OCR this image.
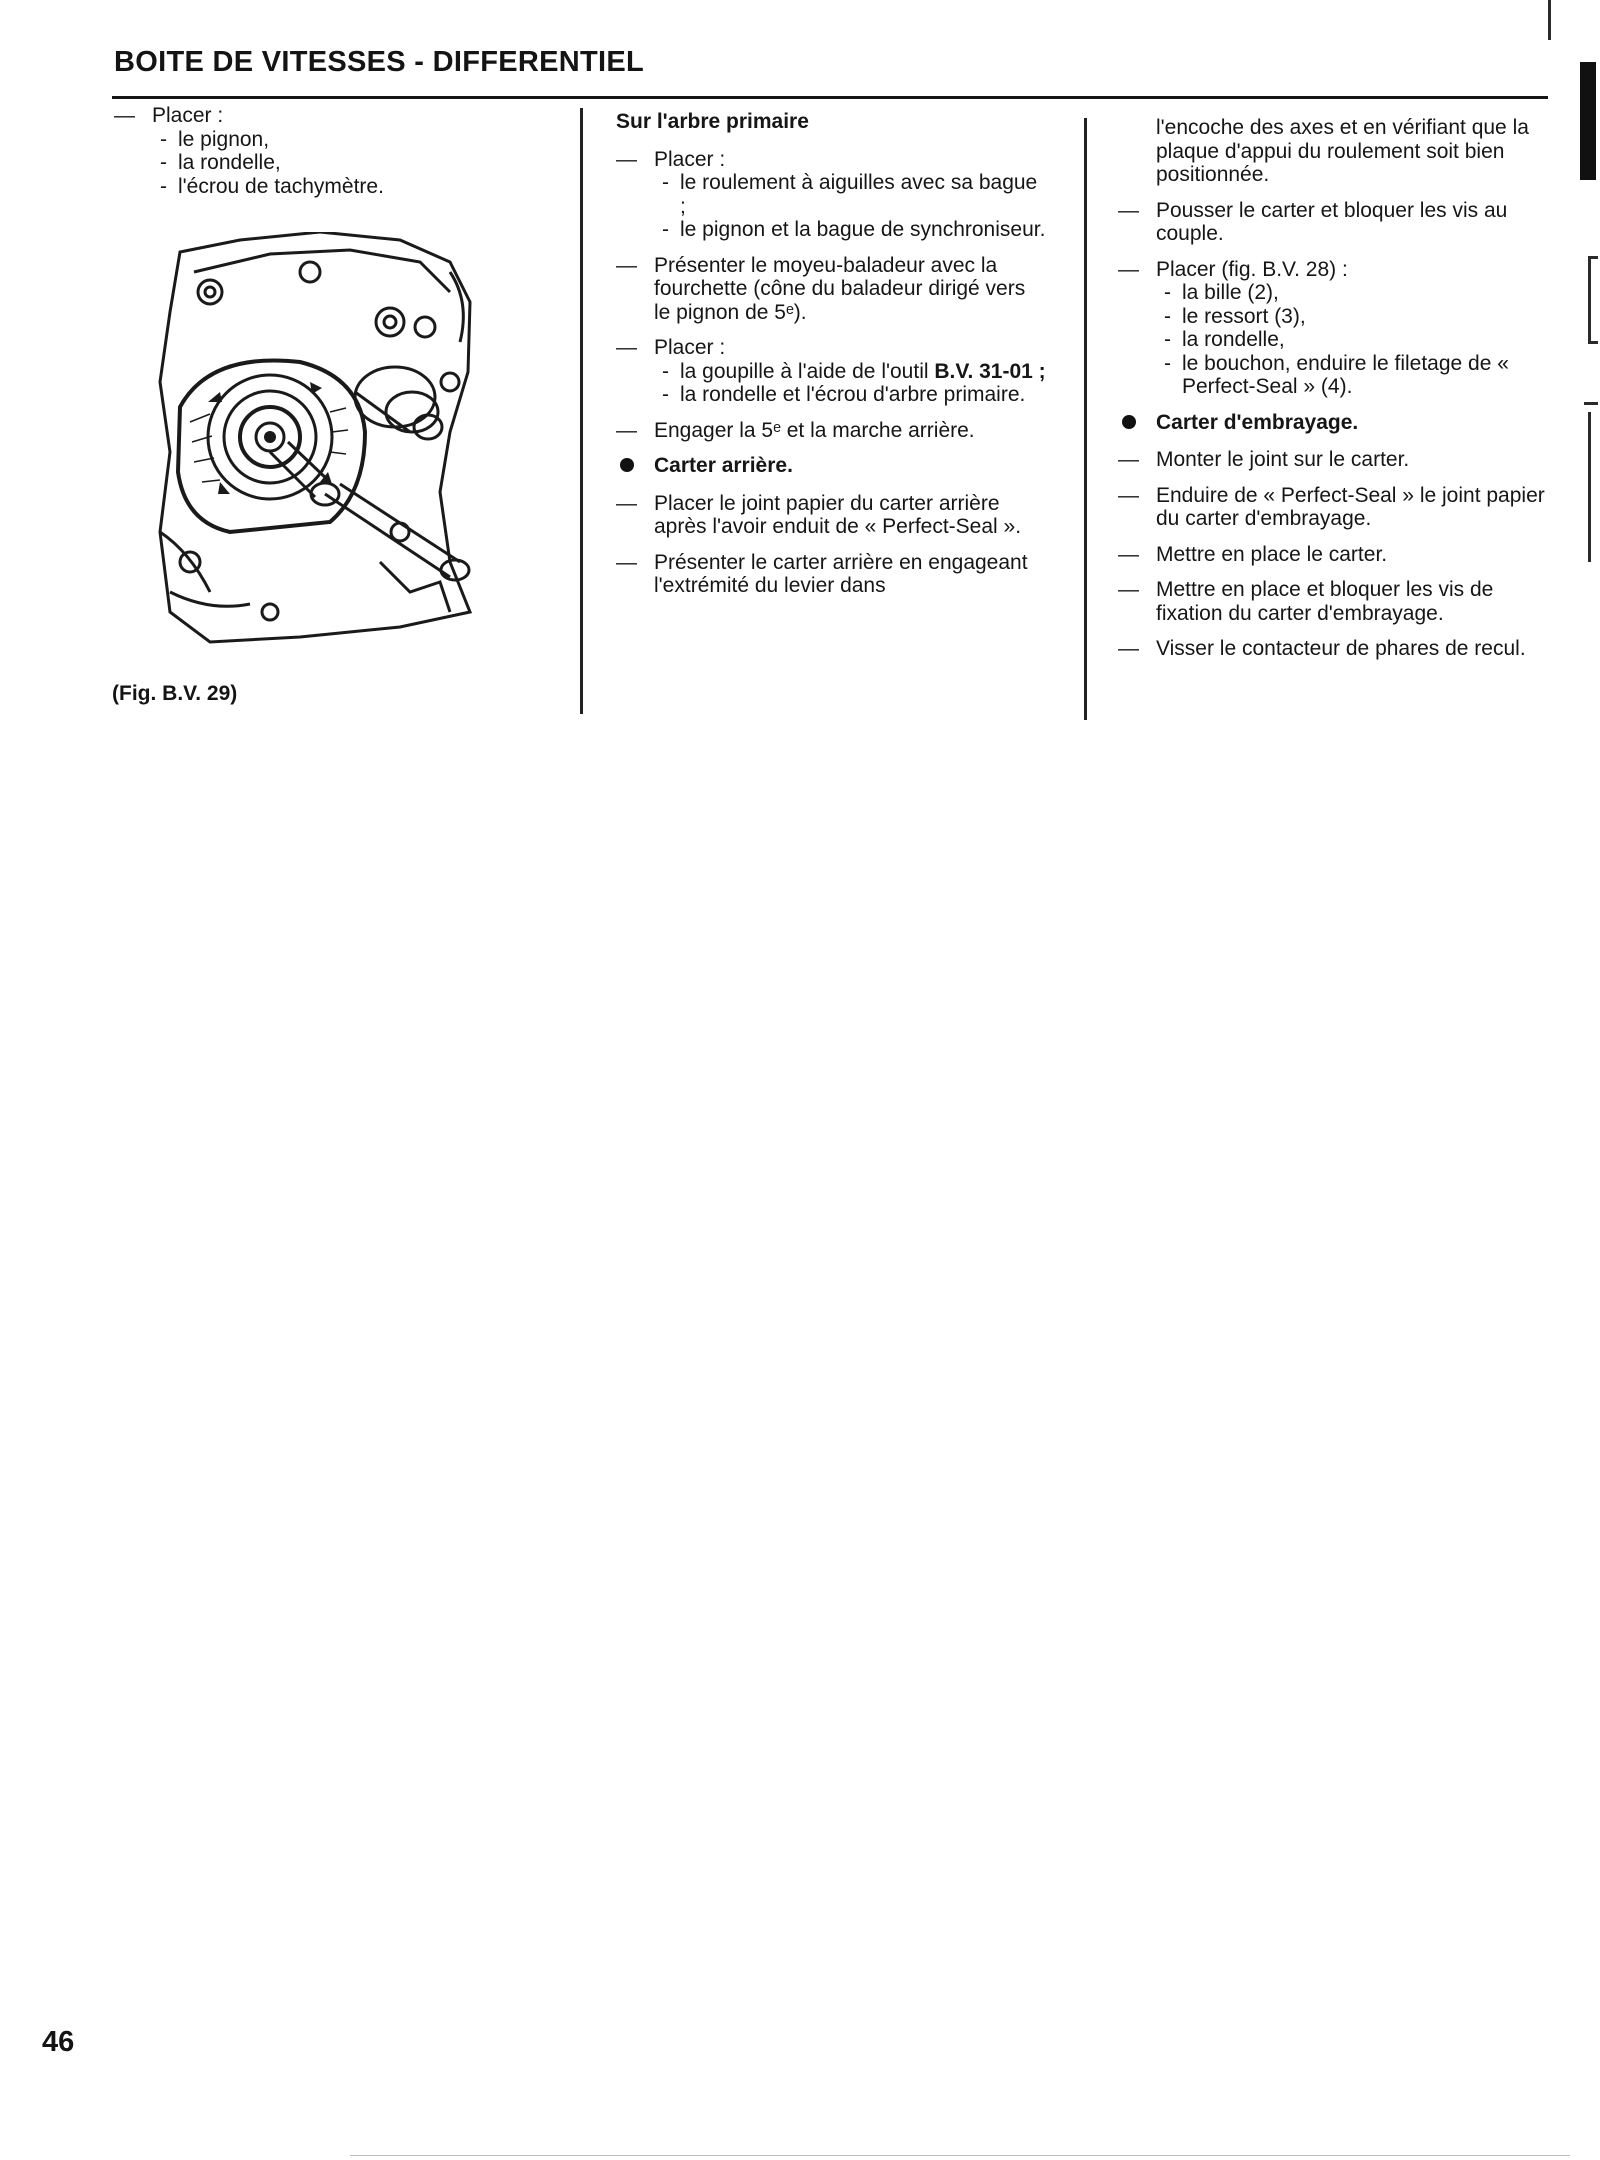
BOITE DE VITESSES - DIFFERENTIEL
— Placer :
- le pignon,
- la rondelle,
- l'écrou de tachymètre.
(Fig. B.V. 29)
Sur l'arbre primaire
— Placer :
- le roulement à aiguilles avec sa bague ;
- le pignon et la bague de synchroniseur.
— Présenter le moyeu-baladeur avec la fourchette (cône du baladeur dirigé vers le pignon de 5ᵉ).
— Placer :
- la goupille à l'aide de l'outil B.V. 31-01 ;
- la rondelle et l'écrou d'arbre primaire.
— Engager la 5ᵉ et la marche arrière.
Carter arrière.
— Placer le joint papier du carter arrière après l'avoir enduit de « Perfect-Seal ».
— Présenter le carter arrière en engageant l'extrémité du levier dans
l'encoche des axes et en vérifiant que la plaque d'appui du roulement soit bien positionnée.
— Pousser le carter et bloquer les vis au couple.
— Placer (fig. B.V. 28) :
- la bille (2),
- le ressort (3),
- la rondelle,
- le bouchon, enduire le filetage de « Perfect-Seal » (4).
Carter d'embrayage.
— Monter le joint sur le carter.
— Enduire de « Perfect-Seal » le joint papier du carter d'embrayage.
— Mettre en place le carter.
— Mettre en place et bloquer les vis de fixation du carter d'embrayage.
— Visser le contacteur de phares de recul.
46
